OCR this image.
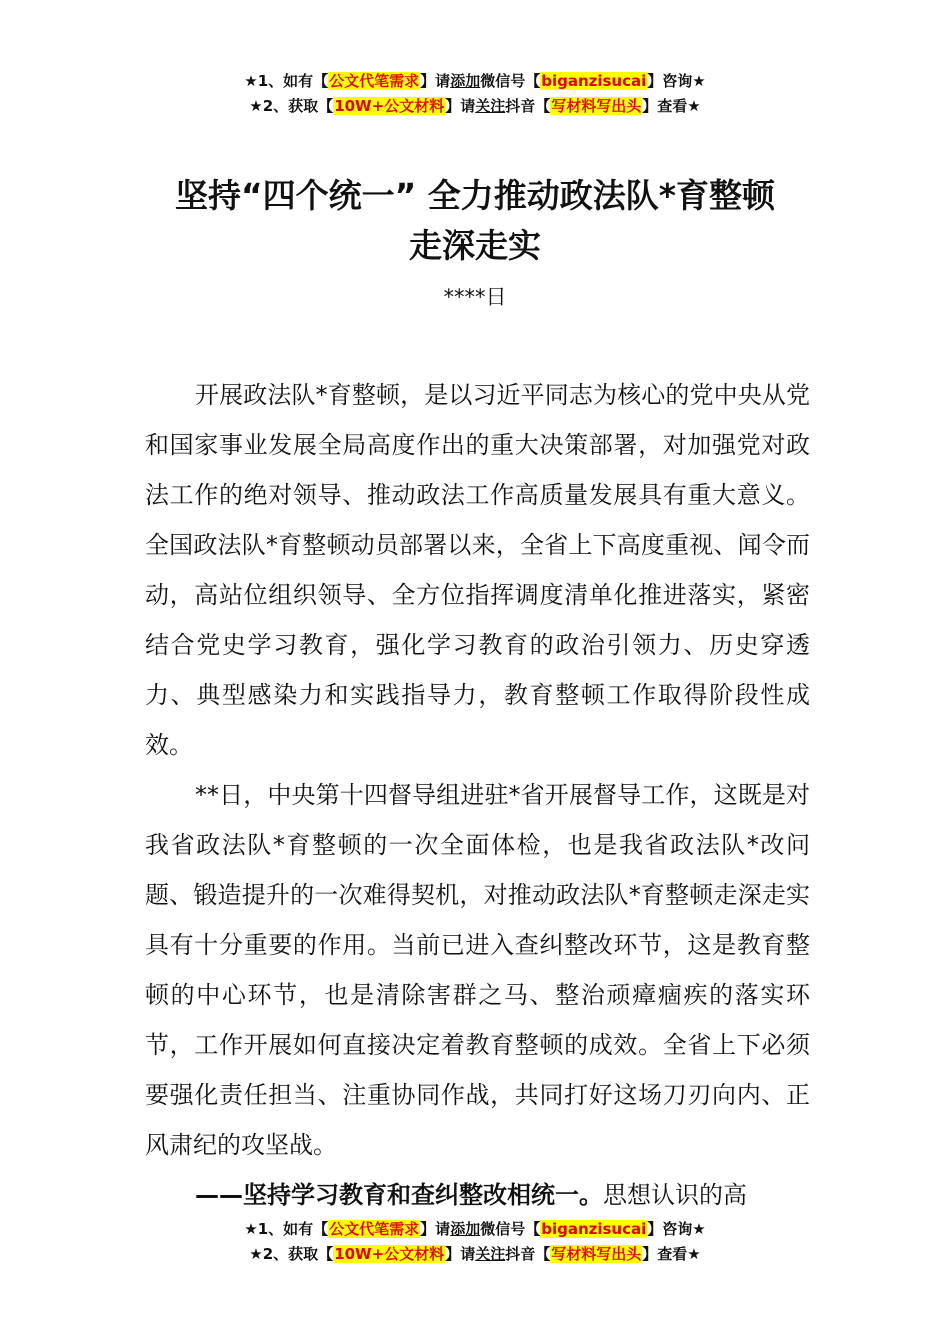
★1、如有【公文代笔需求】请添加微信号【biganzisucai】咨询★
★2、获取【10W+公文材料】请关注抖音【写材料写出头】查看★
坚持“四个统一” 全力推动政法队*育整顿
走深走实
****日

开展政法队*育整顿，是以习近平同志为核心的党中央从党和国家事业发展全局高度作出的重大决策部署，对加强党对政法工作的绝对领导、推动政法工作高质量发展具有重大意义。全国政法队*育整顿动员部署以来，全省上下高度重视、闻令而动，高站位组织领导、全方位指挥调度清单化推进落实，紧密结合党史学习教育，强化学习教育的政治引领力、历史穿透力、典型感染力和实践指导力，教育整顿工作取得阶段性成效。

**日，中央第十四督导组进驻*省开展督导工作，这既是对我省政法队*育整顿的一次全面体检，也是我省政法队*改问题、锻造提升的一次难得契机，对推动政法队*育整顿走深走实具有十分重要的作用。当前已进入查纠整改环节，这是教育整顿的中心环节，也是清除害群之马、整治顽瘴痼疾的落实环节，工作开展如何直接决定着教育整顿的成效。全省上下必须要强化责任担当、注重协同作战，共同打好这场刀刃向内、正风肃纪的攻坚战。

——坚持学习教育和查纠整改相统一。思想认识的高

★1、如有【公文代笔需求】请添加微信号【biganzisucai】咨询★
★2、获取【10W+公文材料】请关注抖音【写材料写出头】查看★
